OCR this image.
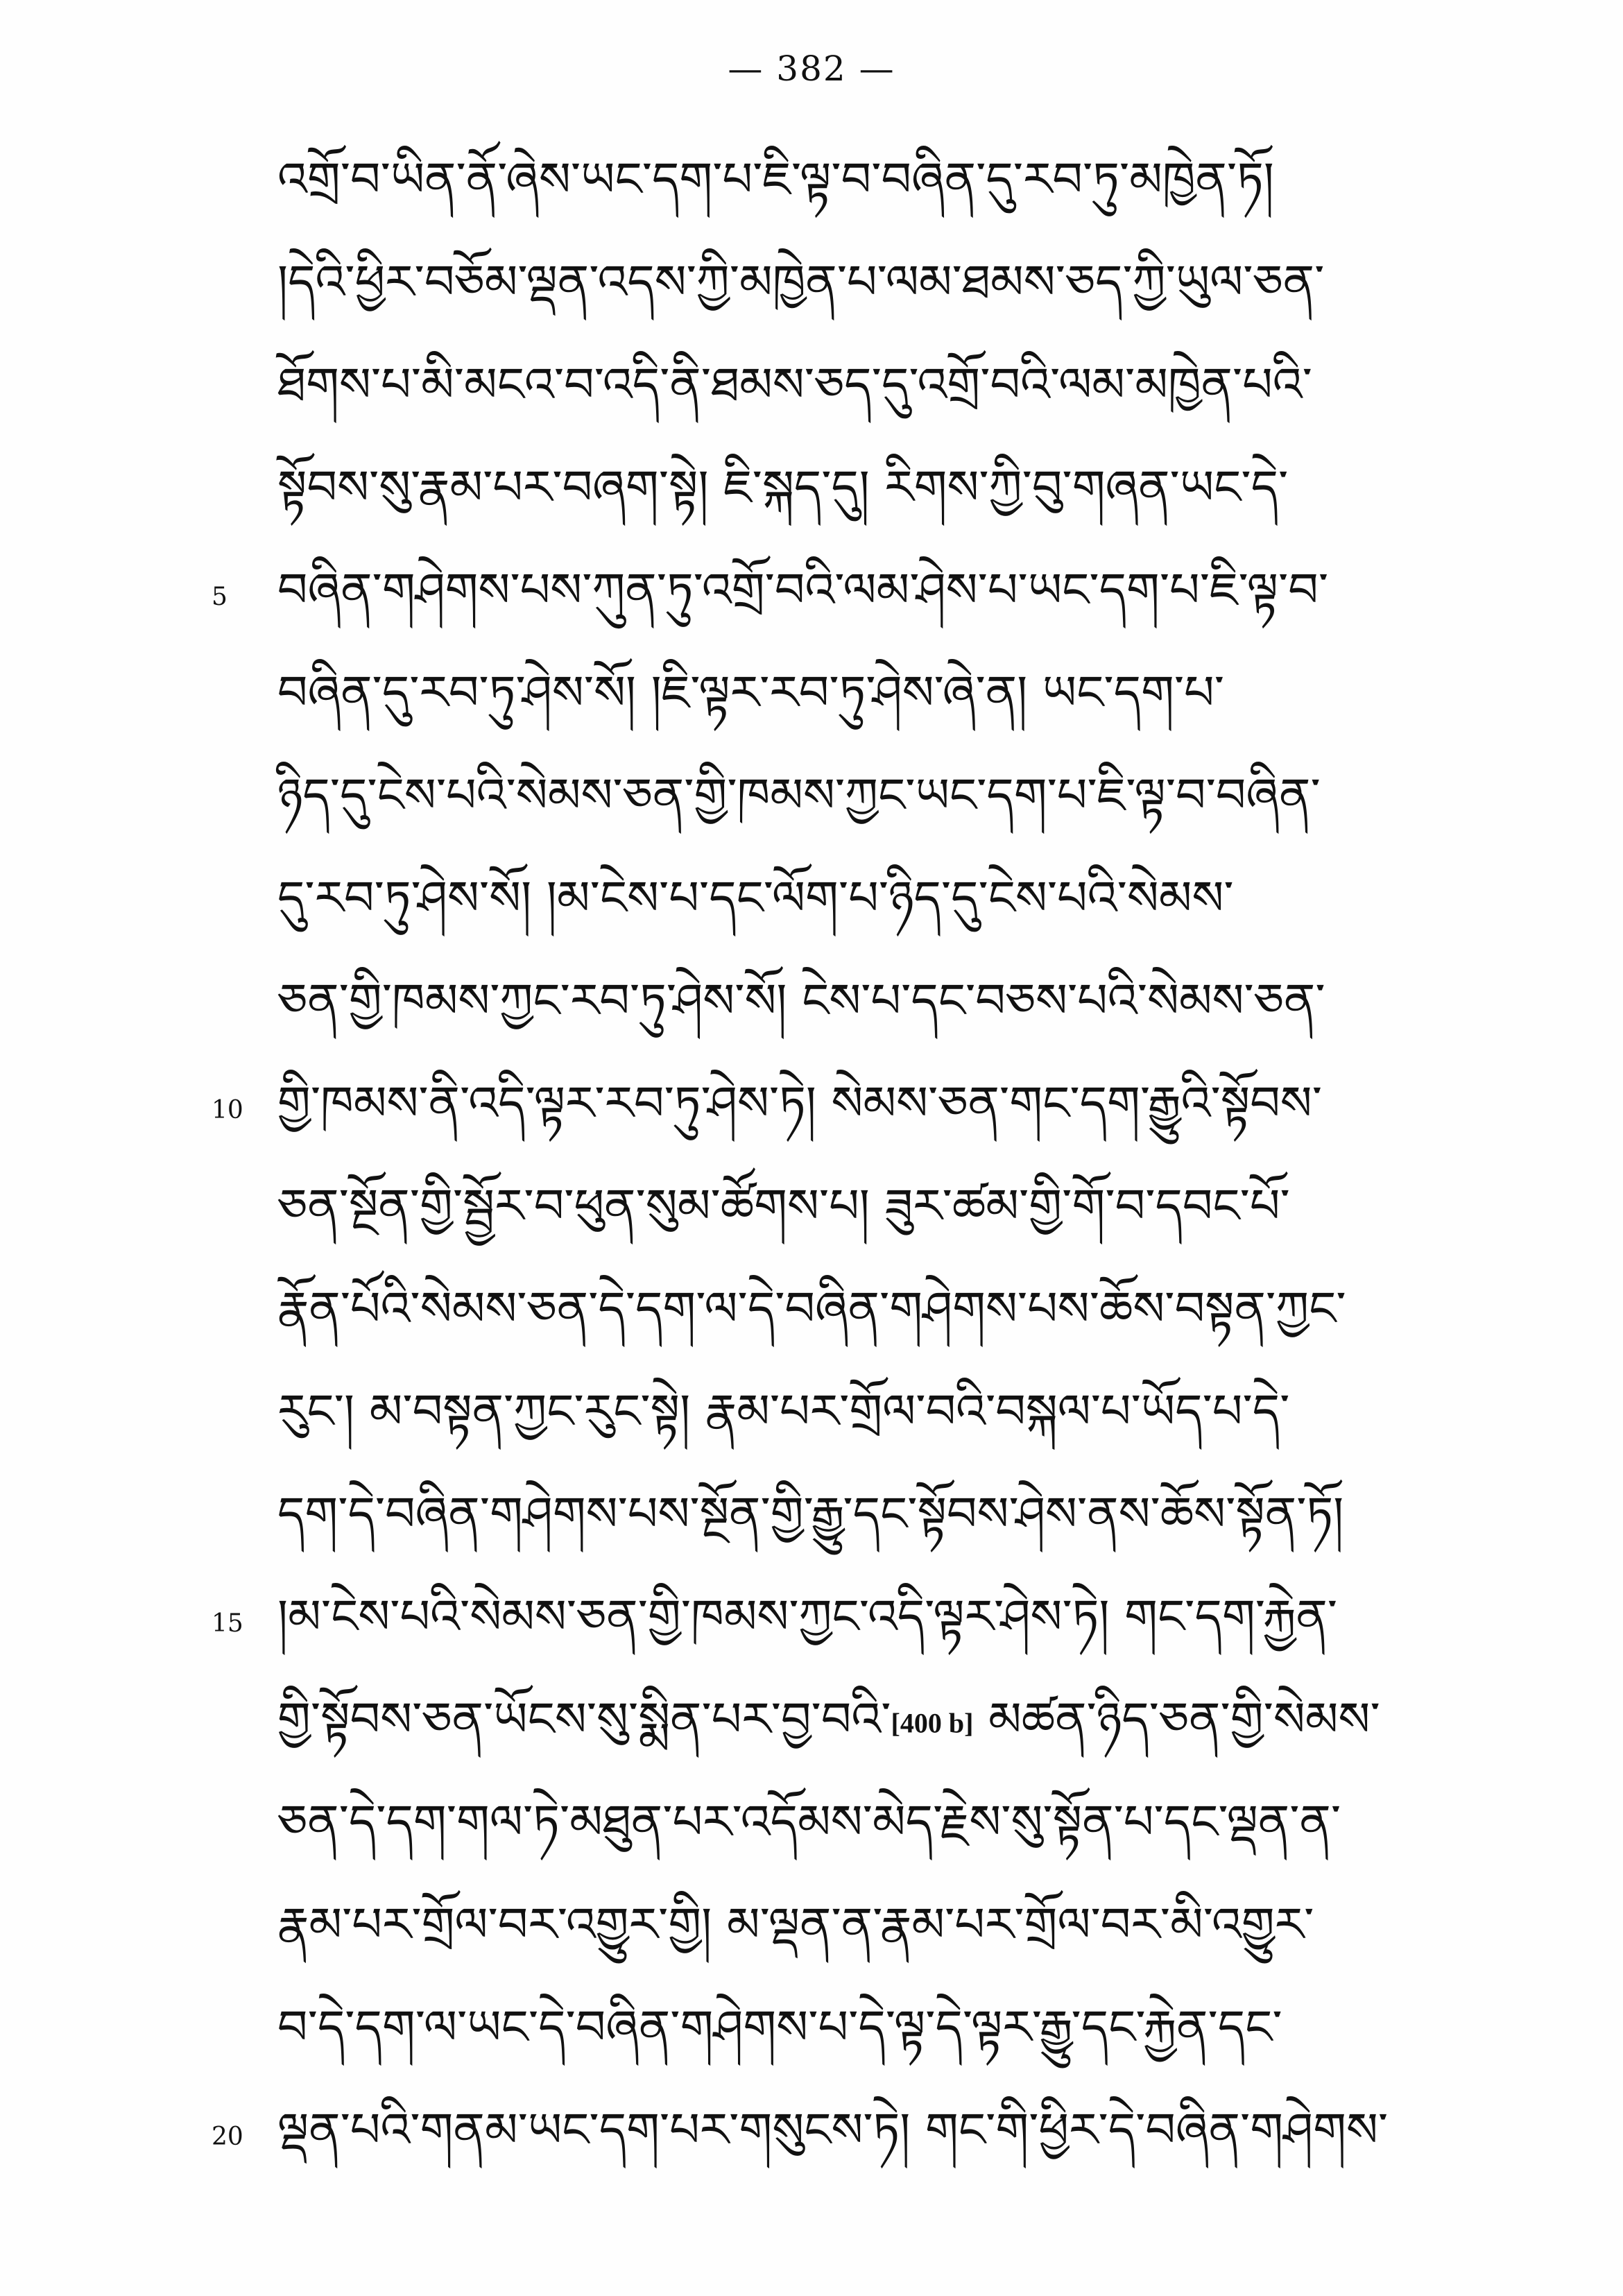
— 382 —
འགྲོ་བ་ཡིན་ནོ་ཞེས་ཡང་དག་པ་ཇི་ལྟ་བ་བཞིན་དུ་རབ་ཏུ་མཁྱེན་ཏོ།
།དེའི་ཕྱིར་བཅོམ་ལྡན་འདས་ཀྱི་མཁྱེན་པ་ལམ་ཐམས་ཅད་ཀྱི་ཡུལ་ཅན་
ཐོགས་པ་མི་མངའ་བ་འདི་ནི་ཐམས་ཅད་དུ་འགྲོ་བའི་ལམ་མཁྱེན་པའི་
སྟོབས་སུ་རྣམ་པར་བཞག་སྟེ། ཇི་སྐད་དུ། རིགས་ཀྱི་བུ་གཞན་ཡང་དེ་
5	བཞིན་གཤེགས་པས་ཀུན་ཏུ་འགྲོ་བའི་ལམ་ཤེས་པ་ཡང་དག་པ་ཇི་ལྟ་བ་
བཞིན་དུ་རབ་ཏུ་ཤེས་སོ། །ཇི་ལྟར་རབ་ཏུ་ཤེས་ཞེ་ན། ཡང་དག་པ་
ཉིད་དུ་ངེས་པའི་སེམས་ཅན་གྱི་ཁམས་ཀྱང་ཡང་དག་པ་ཇི་ལྟ་བ་བཞིན་
དུ་རབ་ཏུ་ཤེས་སོ། །མ་ངེས་པ་དང་ལོག་པ་ཉིད་དུ་ངེས་པའི་སེམས་
ཅན་གྱི་ཁམས་ཀྱང་རབ་ཏུ་ཤེས་སོ། ངེས་པ་དང་བཅས་པའི་སེམས་ཅན་
10 གྱི་ཁམས་ནི་འདི་ལྟར་རབ་ཏུ་ཤེས་ཏེ། སེམས་ཅན་གང་དག་རྒྱུའི་སྟོབས་
ཅན་སྔོན་གྱི་སྦྱོར་བ་ཕུན་སུམ་ཚོགས་པ། ཟུར་ཚམ་གྱི་གོ་བ་དབང་པོ་
རྣོན་པོའི་སེམས་ཅན་དེ་དག་ལ་དེ་བཞིན་གཤེགས་པས་ཆོས་བསྟན་ཀྱང་
རུང་། མ་བསྟན་ཀྱང་རུང་སྟེ། རྣམ་པར་གྲོལ་བའི་བསྐལ་པ་ཡོད་པ་དེ་
དག་དེ་བཞིན་གཤེགས་པས་སྔོན་གྱི་རྒྱུ་དང་སྟོབས་ཤེས་ནས་ཆོས་སྟོན་ཏོ།
15 །མ་ངེས་པའི་སེམས་ཅན་གྱི་ཁམས་ཀྱང་འདི་ལྟར་ཤེས་ཏེ། གང་དག་རྐྱེན་
གྱི་སྟོབས་ཅན་ཡོངས་སུ་སྨིན་པར་བྱ་བའི་[400 b] མཚན་ཉིད་ཅན་གྱི་སེམས་
ཅན་དེ་དག་གལ་ཏེ་མཐུན་པར་འདོམས་མེད་རྗེས་སུ་སྟོན་པ་དང་ལྡན་ན་
རྣམ་པར་གྲོལ་བར་འགྱུར་གྱི། མ་ལྡན་ན་རྣམ་པར་གྲོལ་བར་མི་འགྱུར་
བ་དེ་དག་ལ་ཡང་དེ་བཞིན་གཤེགས་པ་དེ་ལྟ་དེ་ལྟར་རྒྱུ་དང་རྐྱེན་དང་
20 ལྡན་པའི་གནམ་ཡང་དག་པར་གསུངས་ཏེ། གང་གི་ཕྱིར་དེ་བཞིན་གཤེགས་
